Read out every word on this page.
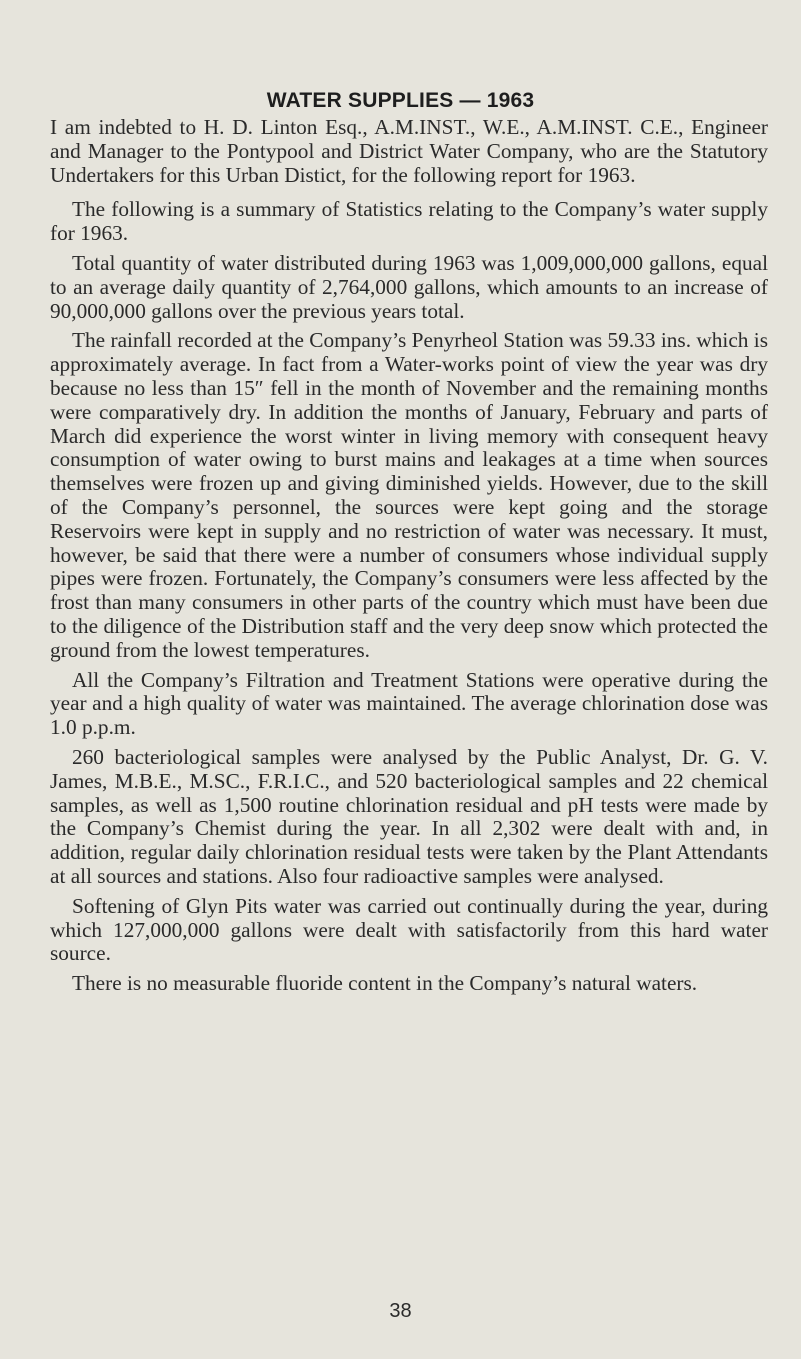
WATER SUPPLIES — 1963

I am indebted to H. D. Linton Esq., A.M.INST., W.E., A.M.INST. C.E., Engineer and Manager to the Pontypool and District Water Company, who are the Statutory Undertakers for this Urban Distict, for the following report for 1963.

The following is a summary of Statistics relating to the Company’s water supply for 1963.

Total quantity of water distributed during 1963 was 1,009,000,000 gallons, equal to an average daily quantity of 2,764,000 gallons, which amounts to an increase of 90,000,000 gallons over the previous years total.

The rainfall recorded at the Company’s Penyrheol Station was 59.33 ins. which is approximately average. In fact from a Water-works point of view the year was dry because no less than 15″ fell in the month of November and the remaining months were comparatively dry. In addition the months of January, February and parts of March did experience the worst winter in living memory with consequent heavy consumption of water owing to burst mains and leakages at a time when sources themselves were frozen up and giving diminished yields. However, due to the skill of the Company’s personnel, the sources were kept going and the storage Reservoirs were kept in supply and no restriction of water was necessary. It must, however, be said that there were a number of consumers whose individual supply pipes were frozen. Fortunately, the Company’s consumers were less affected by the frost than many consumers in other parts of the country which must have been due to the diligence of the Distribution staff and the very deep snow which protected the ground from the lowest temperatures.

All the Company’s Filtration and Treatment Stations were operative during the year and a high quality of water was maintained. The average chlorination dose was 1.0 p.p.m.

260 bacteriological samples were analysed by the Public Analyst, Dr. G. V. James, M.B.E., M.SC., F.R.I.C., and 520 bacteriological samples and 22 chemical samples, as well as 1,500 routine chlorination residual and pH tests were made by the Company’s Chemist during the year. In all 2,302 were dealt with and, in addition, regular daily chlorination residual tests were taken by the Plant Attendants at all sources and stations. Also four radioactive samples were analysed.

Softening of Glyn Pits water was carried out continually during the year, during which 127,000,000 gallons were dealt with satisfactorily from this hard water source.

There is no measurable fluoride content in the Company’s natural waters.

38
